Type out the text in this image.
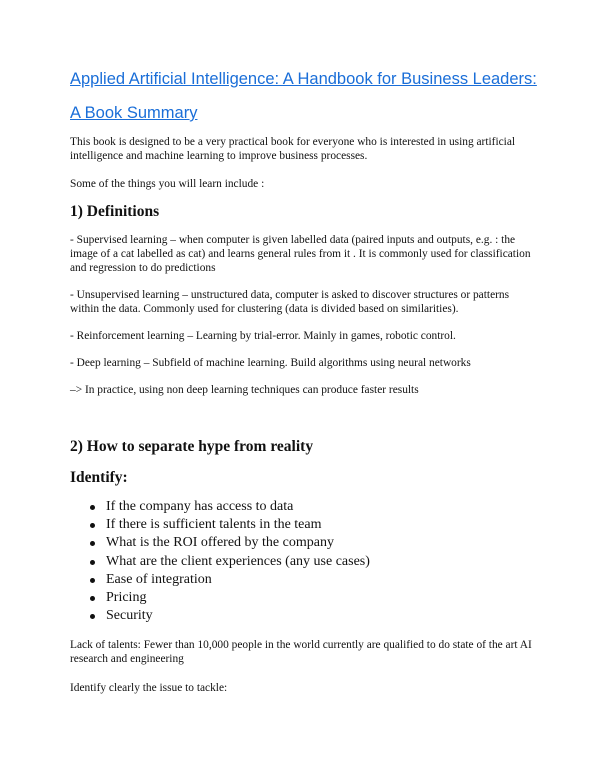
Applied Artificial Intelligence: A Handbook for Business Leaders:
A Book Summary

This book is designed to be a very practical book for everyone who is interested in using artificial intelligence and machine learning to improve business processes.

Some of the things you will learn include :

1) Definitions

- Supervised learning – when computer is given labelled data (paired inputs and outputs, e.g. : the image of a cat labelled as cat) and learns general rules from it . It is commonly used for classification and regression to do predictions

- Unsupervised learning – unstructured data, computer is asked to discover structures or patterns within the data. Commonly used for clustering (data is divided based on similarities).

- Reinforcement learning – Learning by trial-error. Mainly in games, robotic control.

- Deep learning – Subfield of machine learning. Build algorithms using neural networks

–> In practice, using non deep learning techniques can produce faster results

2) How to separate hype from reality
Identify:
If the company has access to data
If there is sufficient talents in the team
What is the ROI offered by the company
What are the client experiences (any use cases)
Ease of integration
Pricing
Security

Lack of talents: Fewer than 10,000 people in the world currently are qualified to do state of the art AI research and engineering

Identify clearly the issue to tackle:
